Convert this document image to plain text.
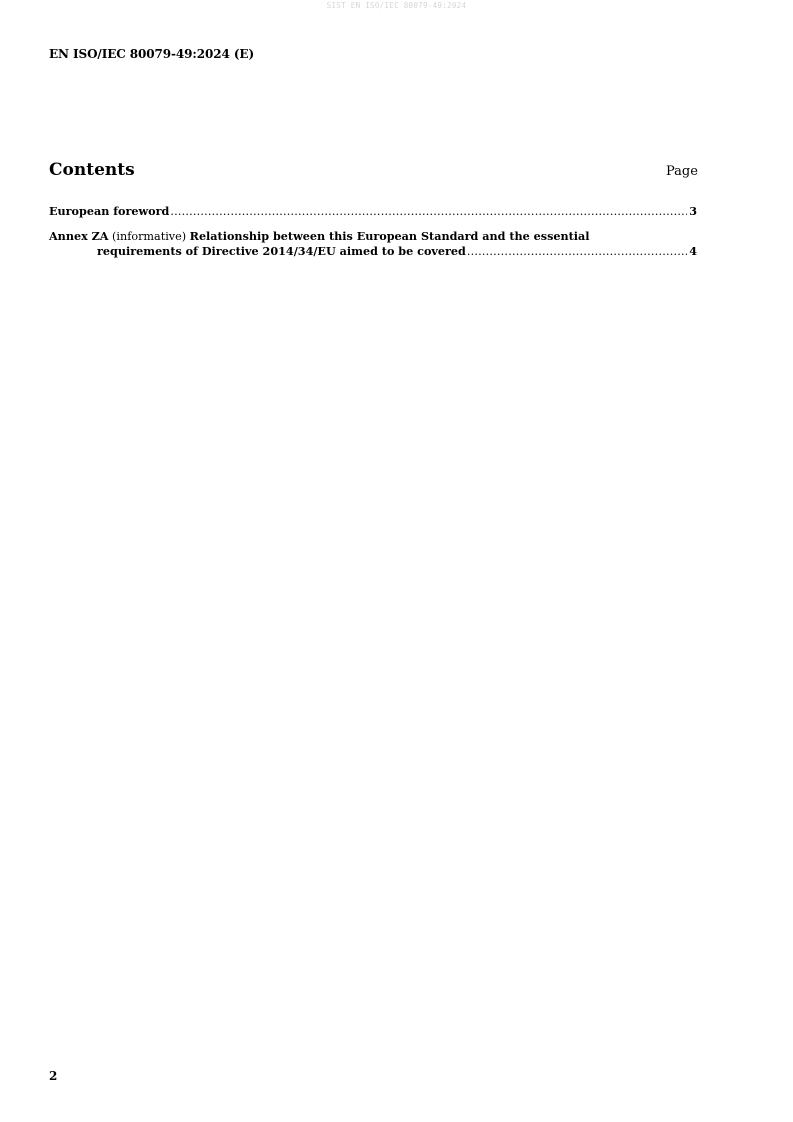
SIST EN ISO/IEC 80079-49:2024
EN ISO/IEC 80079-49:2024 (E)
Contents	Page
European foreword .....	3
Annex ZA (informative) Relationship between this European Standard and the essential
requirements of Directive 2014/34/EU aimed to be covered .....	4
2
